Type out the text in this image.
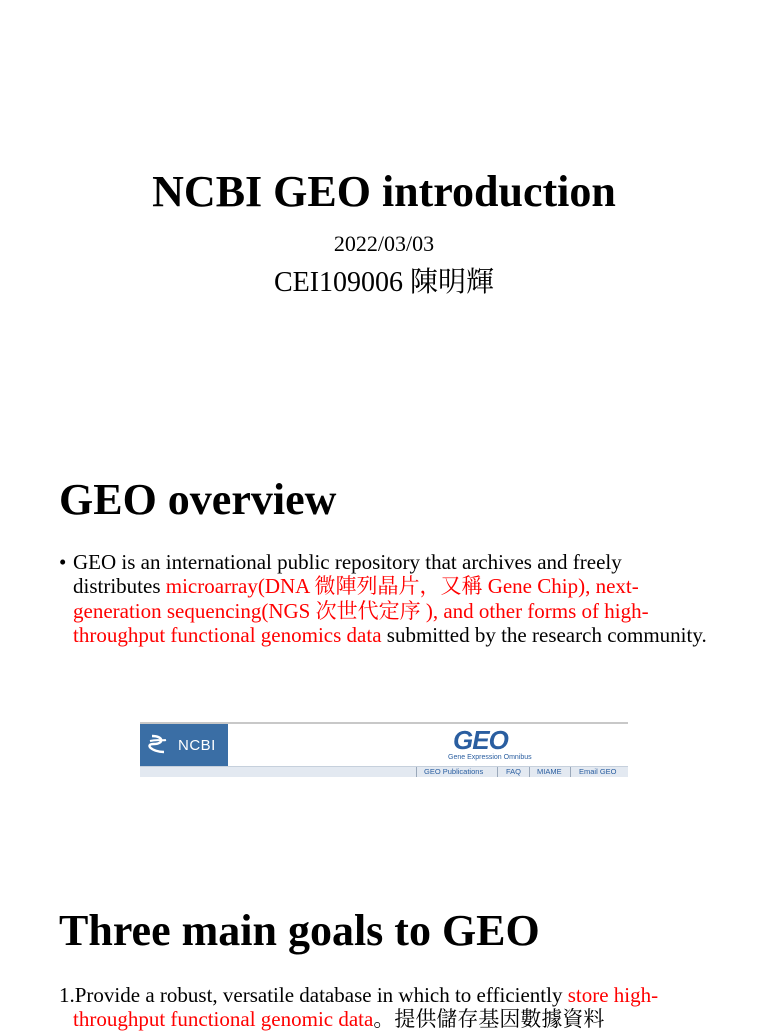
NCBI GEO introduction
2022/03/03
CEI109006 陳明輝
GEO overview
• GEO is an international public repository that archives and freely distributes microarray(DNA 微陣列晶片，又稱 Gene Chip), next-generation sequencing(NGS 次世代定序 ), and other forms of high-throughput functional genomics data submitted by the research community.
NCBI	GEO
Gene Expression Omnibus
GEO Publications	FAQ MIAME Email GEO
Three main goals to GEO
1.Provide a robust, versatile database in which to efficiently store high-
throughput functional genomic data。提供儲存基因數據資料
